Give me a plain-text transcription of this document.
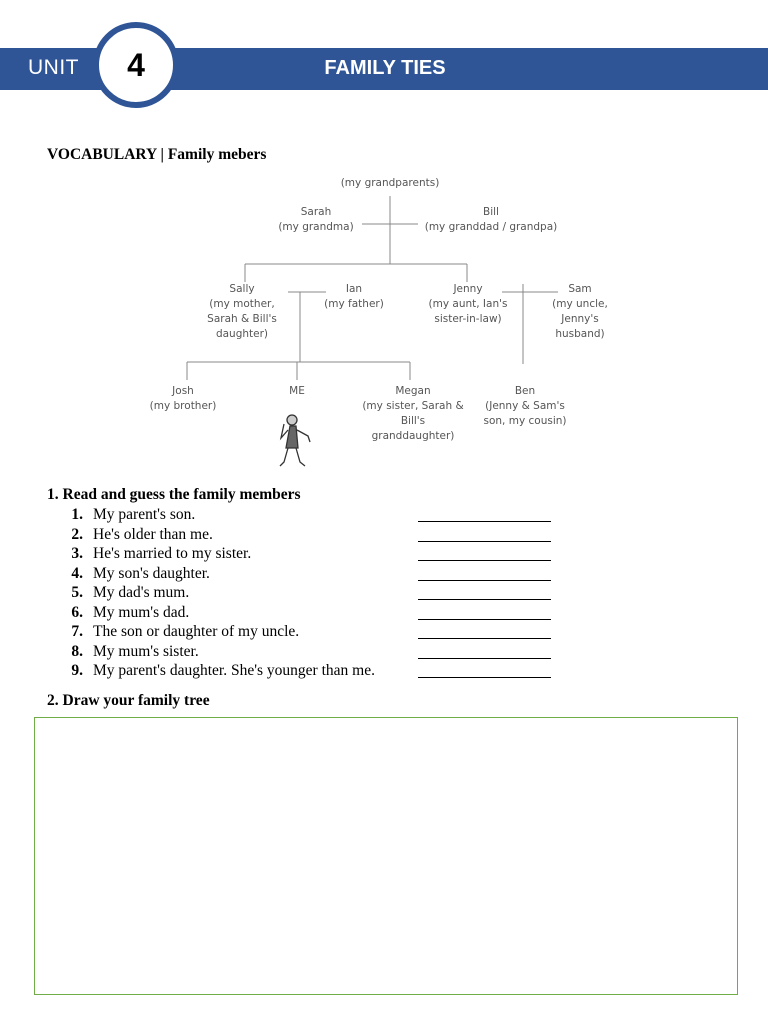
UNIT 4	FAMILY TIES
VOCABULARY | Family mebers
(my grandparents)
Sarah
(my grandma)
Bill
(my granddad / grandpa)
Sally
(my mother, Sarah & Bill's daughter)
Ian
(my father)
Jenny
(my aunt, Ian's sister-in-law)
Sam
(my uncle, Jenny's husband)
Josh
(my brother)
ME	Megan
(my sister, Sarah & Bill's granddaughter)
Ben
(Jenny & Sam's son, my cousin)
1. Read and guess the family members
1. My parent's son.
2. He's older than me.
3. He's married to my sister.
4. My son's daughter.
5. My dad's mum.
6. My mum's dad.
7. The son or daughter of my uncle.
8. My mum's sister.
9. My parent's daughter. She's younger than me.
2. Draw your family tree
